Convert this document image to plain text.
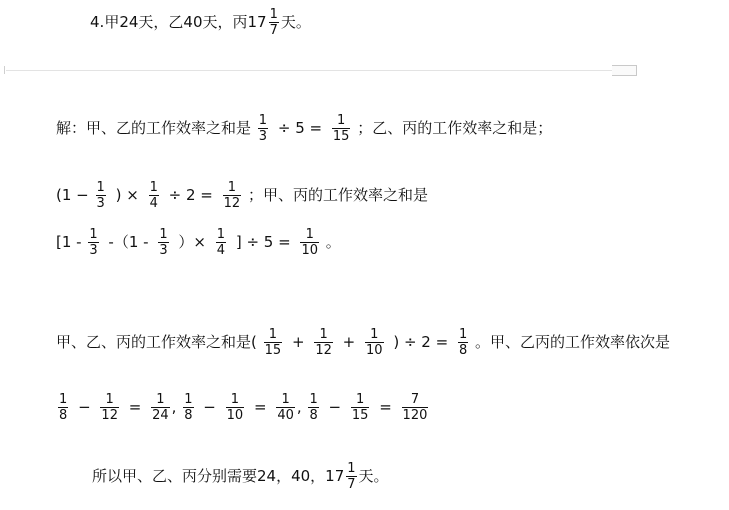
4.甲24天，乙40天，丙$17 \frac{1}{7}$ 天。
解：甲、乙的工作效率之和是 $\frac{1}{3} \div 5 = \frac{1}{15}$ ；乙、丙的工作效率之和是；
($1 - \frac{1}{3}$ ) × $\frac{1}{4} \div 2 = \frac{1}{12}$ ；甲、丙的工作效率之和是
[$1 - \frac{1}{3} -(1 - \frac{1}{3}$ ）× $\frac{1}{4}$ ] ÷ $5 = \frac{1}{10}$ 。
甲、乙、丙的工作效率之和是( $\frac{1}{15} + \frac{1}{12} + \frac{1}{10}$ ) ÷ $2 = \frac{1}{8}$ 。甲、乙丙的工作效率依次是
$\frac{1}{8} - \frac{1}{12} = \frac{1}{24}$ , $\frac{1}{8} - \frac{1}{10} = \frac{1}{40}$ , $\frac{1}{8} - \frac{1}{15} = \frac{7}{120}$
所以甲、乙、丙分别需要24，40，$17 \frac{1}{7}$ 天。
